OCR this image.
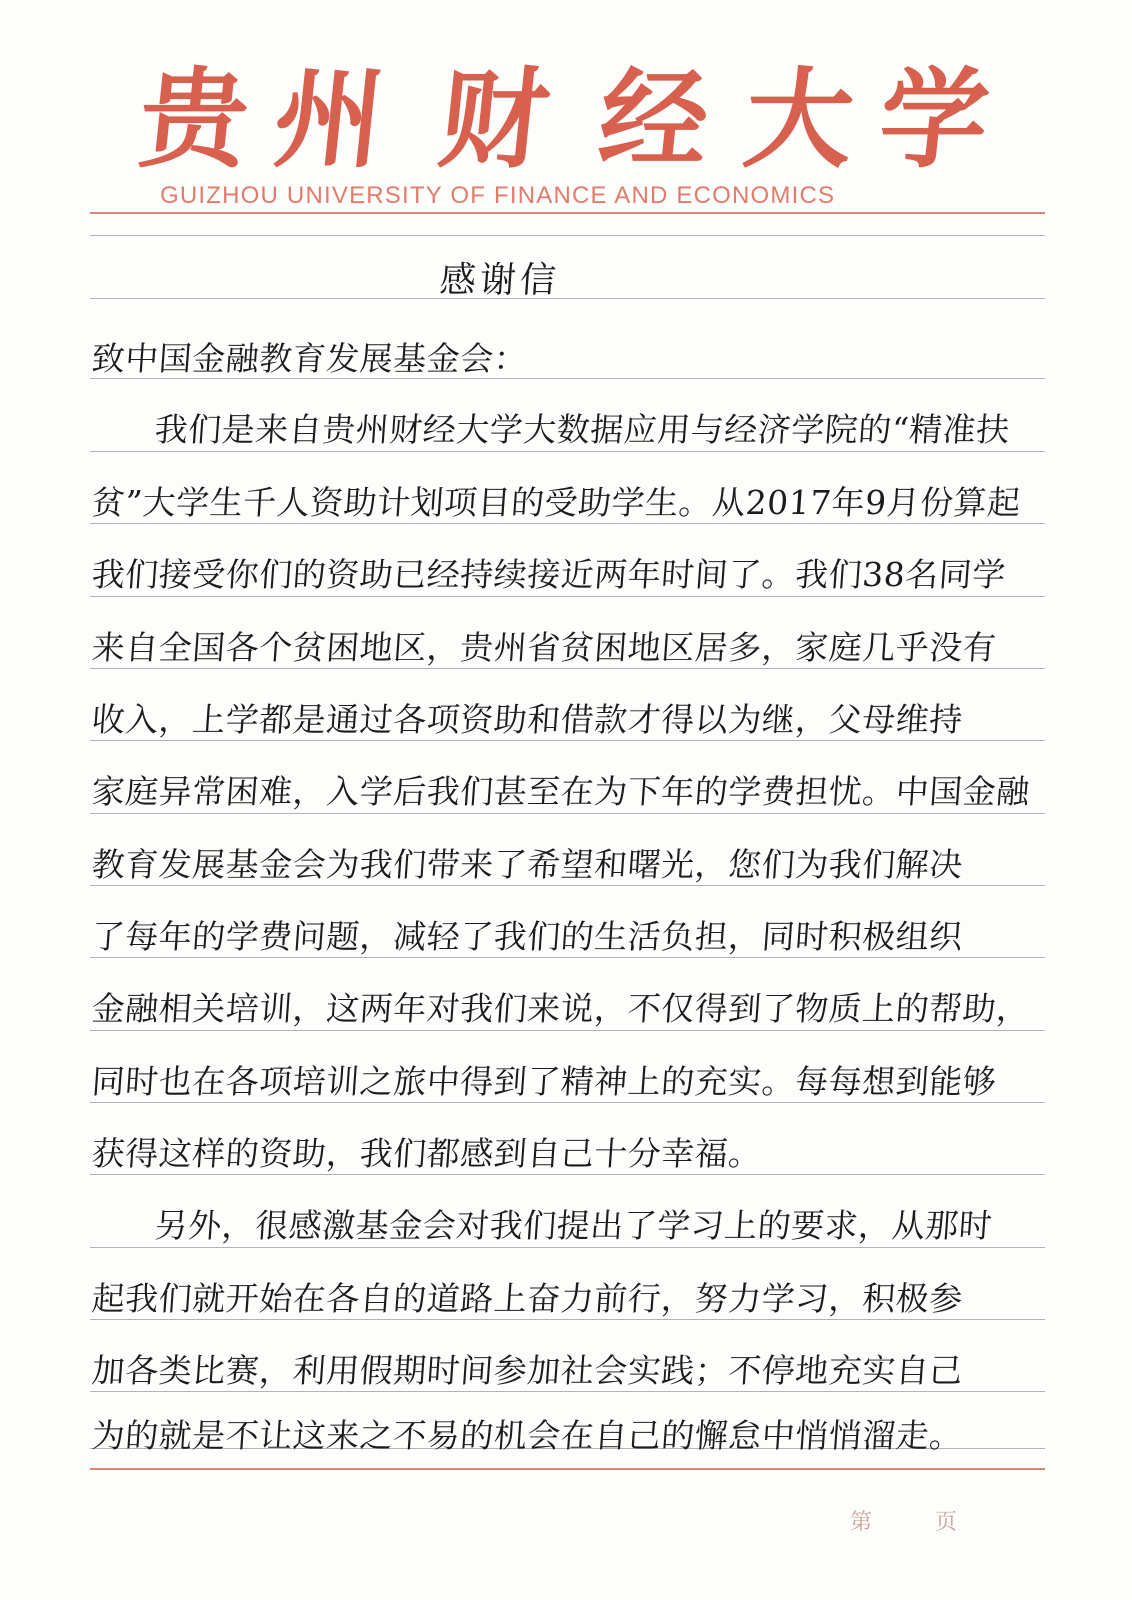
贵 州 财 经 大 学
GUIZHOU UNIVERSITY OF FINANCE AND ECONOMICS
感谢信
致中国金融教育发展基金会：
我们是来自贵州财经大学大数据应用与经济学院的“精准扶
贫”大学生千人资助计划项目的受助学生。从2017年9月份算起
我们接受你们的资助已经持续接近两年时间了。我们38名同学
来自全国各个贫困地区，贵州省贫困地区居多，家庭几乎没有
收入，上学都是通过各项资助和借款才得以为继，父母维持
家庭异常困难，入学后我们甚至在为下年的学费担忧。中国金融
教育发展基金会为我们带来了希望和曙光，您们为我们解决
了每年的学费问题，减轻了我们的生活负担，同时积极组织
金融相关培训，这两年对我们来说，不仅得到了物质上的帮助，
同时也在各项培训之旅中得到了精神上的充实。每每想到能够
获得这样的资助，我们都感到自己十分幸福。
另外，很感激基金会对我们提出了学习上的要求，从那时
起我们就开始在各自的道路上奋力前行，努力学习，积极参
加各类比赛，利用假期时间参加社会实践；不停地充实自己
为的就是不让这来之不易的机会在自己的懈怠中悄悄溜走。
第	页
